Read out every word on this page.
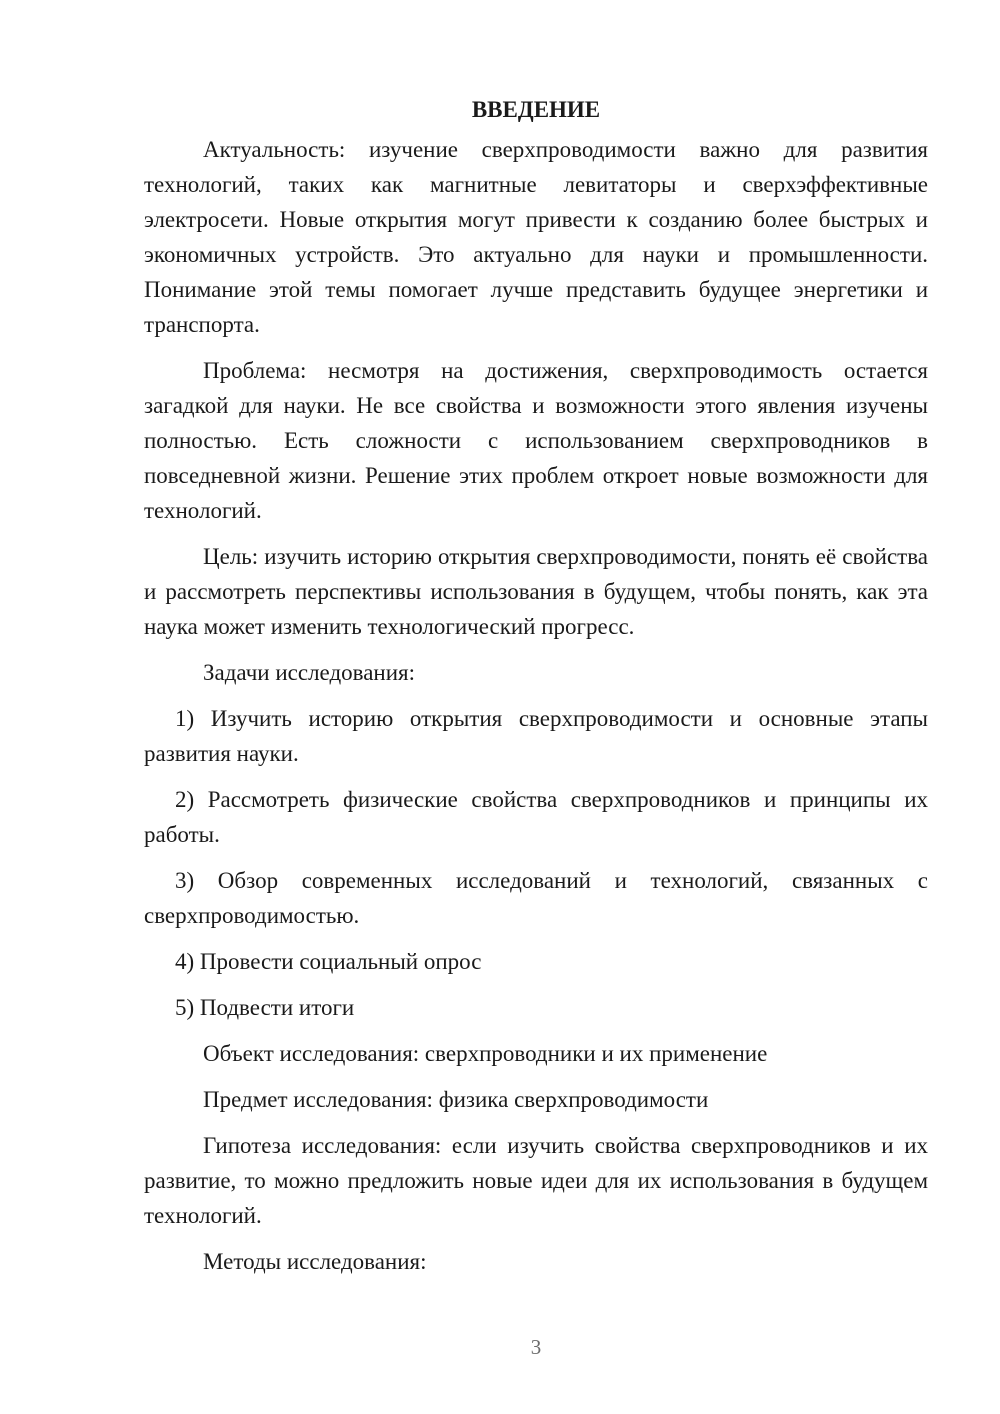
ВВЕДЕНИЕ

Актуальность: изучение сверхпроводимости важно для развития технологий, таких как магнитные левитаторы и сверхэффективные электросети. Новые открытия могут привести к созданию более быстрых и экономичных устройств. Это актуально для науки и промышленности. Понимание этой темы помогает лучше представить будущее энергетики и транспорта.

Проблема: несмотря на достижения, сверхпроводимость остается загадкой для науки. Не все свойства и возможности этого явления изучены полностью. Есть сложности с использованием сверхпроводников в повседневной жизни. Решение этих проблем откроет новые возможности для технологий.

Цель: изучить историю открытия сверхпроводимости, понять её свойства и рассмотреть перспективы использования в будущем, чтобы понять, как эта наука может изменить технологический прогресс.

Задачи исследования:

1) Изучить историю открытия сверхпроводимости и основные этапы развития науки.

2) Рассмотреть физические свойства сверхпроводников и принципы их работы.

3) Обзор современных исследований и технологий, связанных с сверхпроводимостью.

4) Провести социальный опрос

5) Подвести итоги

Объект исследования: сверхпроводники и их применение

Предмет исследования: физика сверхпроводимости

Гипотеза исследования: если изучить свойства сверхпроводников и их развитие, то можно предложить новые идеи для их использования в будущем технологий.

Методы исследования:

3
